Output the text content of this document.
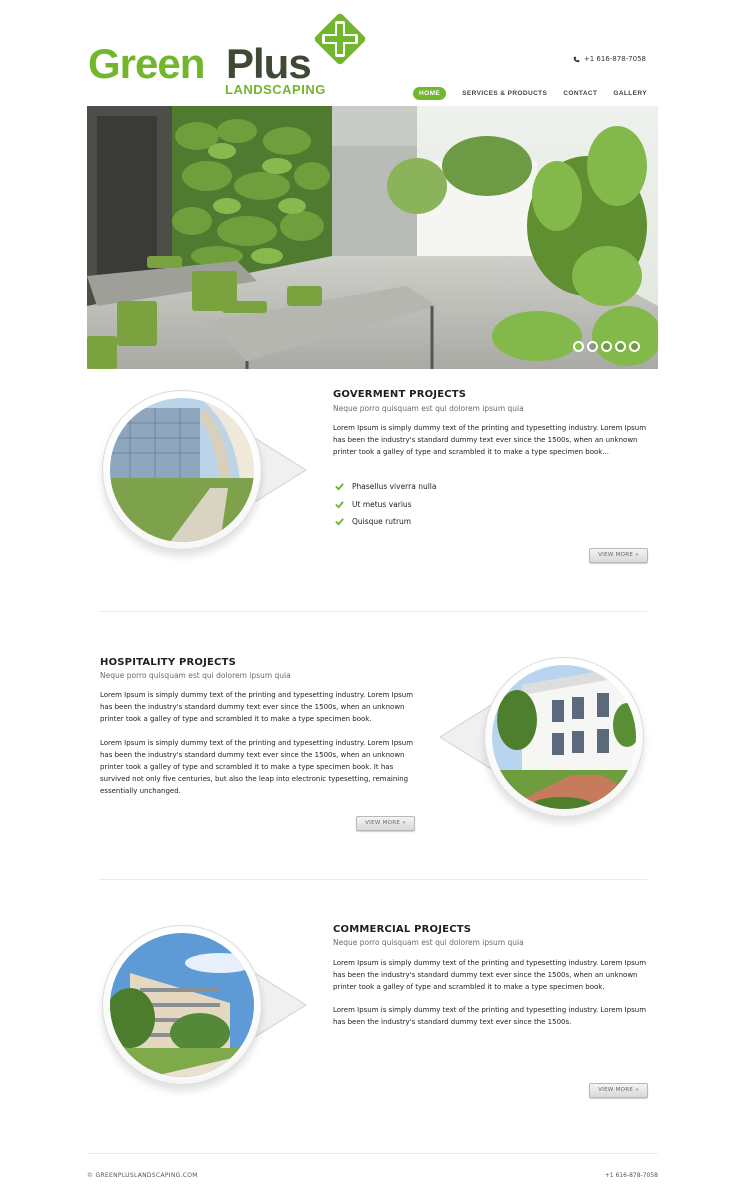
Green Plus
LANDSCAPING
+1 616-878-7058
HOME	SERVICES & PRODUCTS CONTACT GALLERY
GOVERMENT PROJECTS
Neque porro quisquam est qui dolorem ipsum quia
Lorem Ipsum is simply dummy text of the printing and typesetting industry. Lorem Ipsum has been the industry's standard dummy text ever since the 1500s, when an unknown printer took a galley of type and scrambled it to make a type specimen book...
Phasellus viverra nulla
Ut metus varius
Quisque rutrum
VIEW MORE »
HOSPITALITY PROJECTS
Neque porro quisquam est qui dolorem ipsum quia
Lorem Ipsum is simply dummy text of the printing and typesetting industry. Lorem Ipsum has been the industry's standard dummy text ever since the 1500s, when an unknown printer took a galley of type and scrambled it to make a type specimen book.
Lorem Ipsum is simply dummy text of the printing and typesetting industry. Lorem Ipsum has been the industry's standard dummy text ever since the 1500s, when an unknown printer took a galley of type and scrambled it to make a type specimen book. It has survived not only five centuries, but also the leap into electronic typesetting, remaining essentially unchanged.
VIEW MORE »
COMMERCIAL PROJECTS
Neque porro quisquam est qui dolorem ipsum quia
Lorem Ipsum is simply dummy text of the printing and typesetting industry. Lorem Ipsum has been the industry's standard dummy text ever since the 1500s, when an unknown printer took a galley of type and scrambled it to make a type specimen book.
Lorem Ipsum is simply dummy text of the printing and typesetting industry. Lorem Ipsum has been the industry's standard dummy text ever since the 1500s.
VIEW MORE »
© GREENPLUSLANDSCAPING.COM	+1 616-878-7058
